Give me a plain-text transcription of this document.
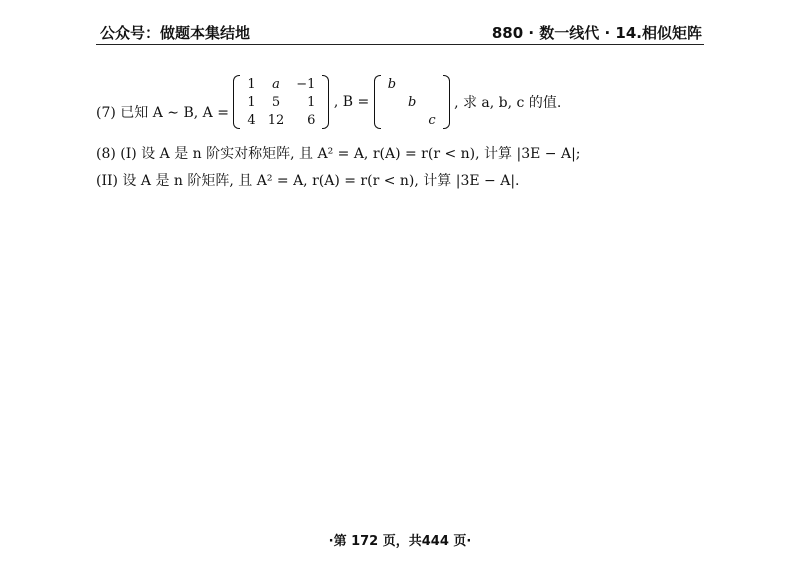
公众号：做题本集结地	880 · 数一线代 · 14.相似矩阵
(7) 已知 A ∼ B, A =
1	a	−1
1	5	1
4	12	6
, B =
b		
	b	
		c
, 求 a, b, c 的值.
(8) (I) 设 A 是 n 阶实对称矩阵, 且 A² = A, r(A) = r(r < n), 计算 |3E − A|;
(II) 设 A 是 n 阶矩阵, 且 A² = A, r(A) = r(r < n), 计算 |3E − A|.
·第 172 页，共444 页·
